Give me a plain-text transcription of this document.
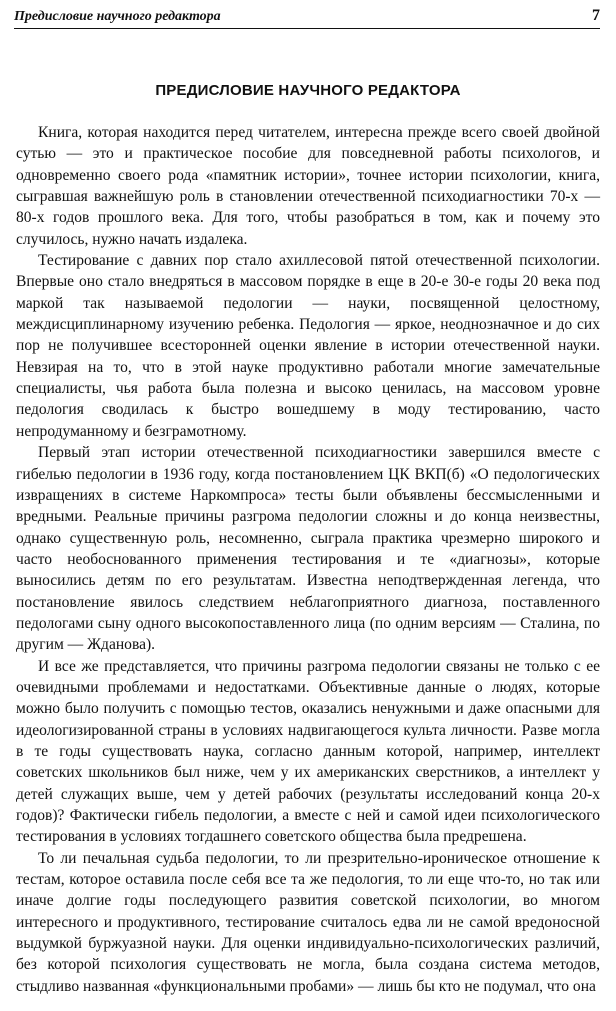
Предисловие научного редактора	7
ПРЕДИСЛОВИЕ НАУЧНОГО РЕДАКТОРА

Книга, которая находится перед читателем, интересна прежде всего своей двойной сутью — это и практическое пособие для повседневной работы психологов, и одновременно своего рода «памятник истории», точнее истории психологии, книга, сыгравшая важнейшую роль в становлении отечественной психодиагностики 70-х — 80-х годов прошлого века. Для того, чтобы разобраться в том, как и почему это случилось, нужно начать издалека.

Тестирование с давних пор стало ахиллесовой пятой отечественной психологии. Впервые оно стало внедряться в массовом порядке в еще в 20-е 30-е годы 20 века под маркой так называемой педологии — науки, посвященной целостному, междисциплинарному изучению ребенка. Педология — яркое, неоднозначное и до сих пор не получившее всесторонней оценки явление в истории отечественной науки. Невзирая на то, что в этой науке продуктивно работали многие замечательные специалисты, чья работа была полезна и высоко ценилась, на массовом уровне педология сводилась к быстро вошедшему в моду тестированию, часто непродуманному и безграмотному.

Первый этап истории отечественной психодиагностики завершился вместе с гибелью педологии в 1936 году, когда постановлением ЦК ВКП(б) «О педологических извращениях в системе Наркомпроса» тесты были объявлены бессмысленными и вредными. Реальные причины разгрома педологии сложны и до конца неизвестны, однако существенную роль, несомненно, сыграла практика чрезмерно широкого и часто необоснованного применения тестирования и те «диагнозы», которые выносились детям по его результатам. Известна неподтвержденная легенда, что постановление явилось следствием неблагоприятного диагноза, поставленного педологами сыну одного высокопоставленного лица (по одним версиям — Сталина, по другим — Жданова).

И все же представляется, что причины разгрома педологии связаны не только с ее очевидными проблемами и недостатками. Объективные данные о людях, которые можно было получить с помощью тестов, оказались ненужными и даже опасными для идеологизированной страны в условиях надвигающегося культа личности. Разве могла в те годы существовать наука, согласно данным которой, например, интеллект советских школьников был ниже, чем у их американских сверстников, а интеллект у детей служащих выше, чем у детей рабочих (результаты исследований конца 20-х годов)? Фактически гибель педологии, а вместе с ней и самой идеи психологического тестирования в условиях тогдашнего советского общества была предрешена.

То ли печальная судьба педологии, то ли презрительно-ироническое отношение к тестам, которое оставила после себя все та же педология, то ли еще что-то, но так или иначе долгие годы последующего развития советской психологии, во многом интересного и продуктивного, тестирование считалось едва ли не самой вредоносной выдумкой буржуазной науки. Для оценки индивидуально-психологических различий, без которой психология существовать не могла, была создана система методов, стыдливо названная «функциональными пробами» — лишь бы кто не подумал, что она
